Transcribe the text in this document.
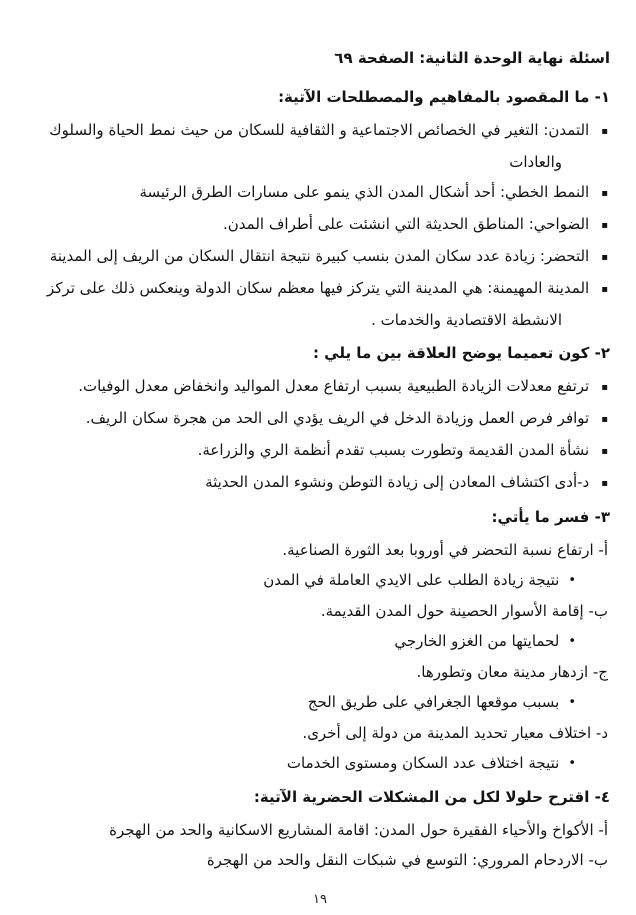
اسئلة نهاية الوحدة الثانية: الصفحة ٦٩

١- ما المقصود بالمفاهيم والمصطلحات الآتية:

▪التمدن: التغير في الخصائص الاجتماعية و الثقافية للسكان من حيث نمط الحياة والسلوك والعادات
▪النمط الخطي: أحد أشكال المدن الذي ينمو على مسارات الطرق الرئيسة
▪الضواحي: المناطق الحديثة التي انشئت على أطراف المدن.
▪التحضر: زيادة عدد سكان المدن بنسب كبيرة نتيجة انتقال السكان من الريف إلى المدينة
▪المدينة المهيمنة: هي المدينة التي يتركز فيها معظم سكان الدولة وينعكس ذلك على تركز الانشطة الاقتصادية والخدمات .

٢- كون تعميما يوضح العلاقة بين ما يلي :

▪ترتفع معدلات الزيادة الطبيعية بسبب ارتفاع معدل المواليد وانخفاض معدل الوفيات.
▪توافر فرص العمل وزيادة الدخل في الريف يؤدي الى الحد من هجرة سكان الريف.
▪نشأة المدن القديمة وتطورت بسبب تقدم أنظمة الري والزراعة.
▪د-أدى اكتشاف المعادن إلى زيادة التوطن ونشوء المدن الحديثة

٣- فسر ما يأتي:

أ- ارتفاع نسبة التحضر في أوروبا بعد الثورة الصناعية.

•نتيجة زيادة الطلب على الايدي العاملة في المدن

ب- إقامة الأسوار الحصينة حول المدن القديمة.

•لحمايتها من الغزو الخارجي

ج- ازدهار مدينة معان وتطورها.

•بسبب موقعها الجغرافي على طريق الحج

د- اختلاف معيار تحديد المدينة من دولة إلى أخرى.

•نتيجة اختلاف عدد السكان ومستوى الخدمات

٤- اقترح حلولا لكل من المشكلات الحضرية الآتية:

أ- الأكواخ والأحياء الفقيرة حول المدن: اقامة المشاريع الاسكانية والحد من الهجرة

ب- الاردحام المروري: التوسع في شبكات النقل والحد من الهجرة

١٩
